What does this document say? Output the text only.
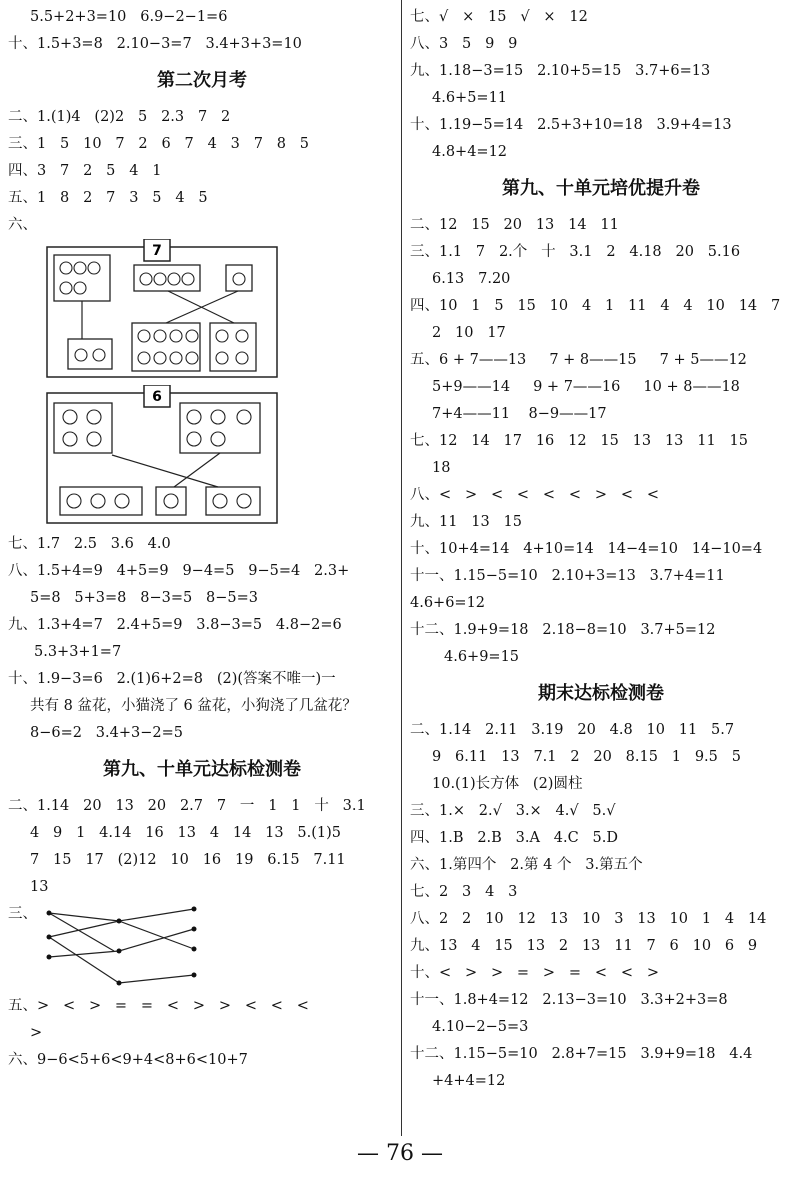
5.5+2+3=10   6.9−2−1=6
十、1.5+3=8   2.10−3=7   3.4+3+3=10
第二次月考
二、1.(1)4   (2)2   5   2.3   7   2
三、1   5   10   7   2   6   7   4   3   7   8   5
四、3   7   2   5   4   1
五、1   8   2   7   3   5   4   5
六、
7
6
七、1.7   2.5   3.6   4.0
八、1.5+4=9   4+5=9   9−4=5   9−5=4   2.3+
5=8   5+3=8   8−3=5   8−5=3
九、1.3+4=7   2.4+5=9   3.8−3=5   4.8−2=6
5.3+3+1=7
十、1.9−3=6   2.(1)6+2=8   (2)(答案不唯一)一
共有 8 盆花，小猫浇了 6 盆花，小狗浇了几盆花？
8−6=2   3.4+3−2=5
第九、十单元达标检测卷
二、1.14   20   13   20   2.7   7   一   1   1   十   3.1
4   9   1   4.14   16   13   4   14   13   5.(1)5
7   15   17   (2)12   10   16   19   6.15   7.11
13
三、
五、>   <   >   =   =   <   >   >   <   <   <
>
六、9−6<5+6<9+4<8+6<10+7
七、√   ×   15   √   ×   12
八、3   5   9   9
九、1.18−3=15   2.10+5=15   3.7+6=13
4.6+5=11
十、1.19−5=14   2.5+3+10=18   3.9+4=13
4.8+4=12
第九、十单元培优提升卷
二、12   15   20   13   14   11
三、1.1   7   2.个   十   3.1   2   4.18   20   5.16
6.13   7.20
四、10   1   5   15   10   4   1   11   4   4   10   14   7
2   10   17
五、6 + 7——13     7 + 8——15     7 + 5——12
5+9——14     9 + 7——16     10 + 8——18
7+4——11    8−9——17
七、12   14   17   16   12   15   13   13   11   15
18
八、<   >   <   <   <   <   >   <   <
九、11   13   15
十、10+4=14   4+10=14   14−4=10   14−10=4
十一、1.15−5=10   2.10+3=13   3.7+4=11
4.6+6=12
十二、1.9+9=18   2.18−8=10   3.7+5=12
4.6+9=15
期末达标检测卷
二、1.14   2.11   3.19   20   4.8   10   11   5.7
9   6.11   13   7.1   2   20   8.15   1   9.5   5
10.(1)长方体   (2)圆柱
三、1.×   2.√   3.×   4.√   5.√
四、1.B   2.B   3.A   4.C   5.D
六、1.第四个   2.第 4 个   3.第五个
七、2   3   4   3
八、2   2   10   12   13   10   3   13   10   1   4   14
九、13   4   15   13   2   13   11   7   6   10   6   9
十、<   >   >   =   >   =   <   <   >
十一、1.8+4=12   2.13−3=10   3.3+2+3=8
4.10−2−5=3
十二、1.15−5=10   2.8+7=15   3.9+9=18   4.4
+4+4=12
— 76 —
